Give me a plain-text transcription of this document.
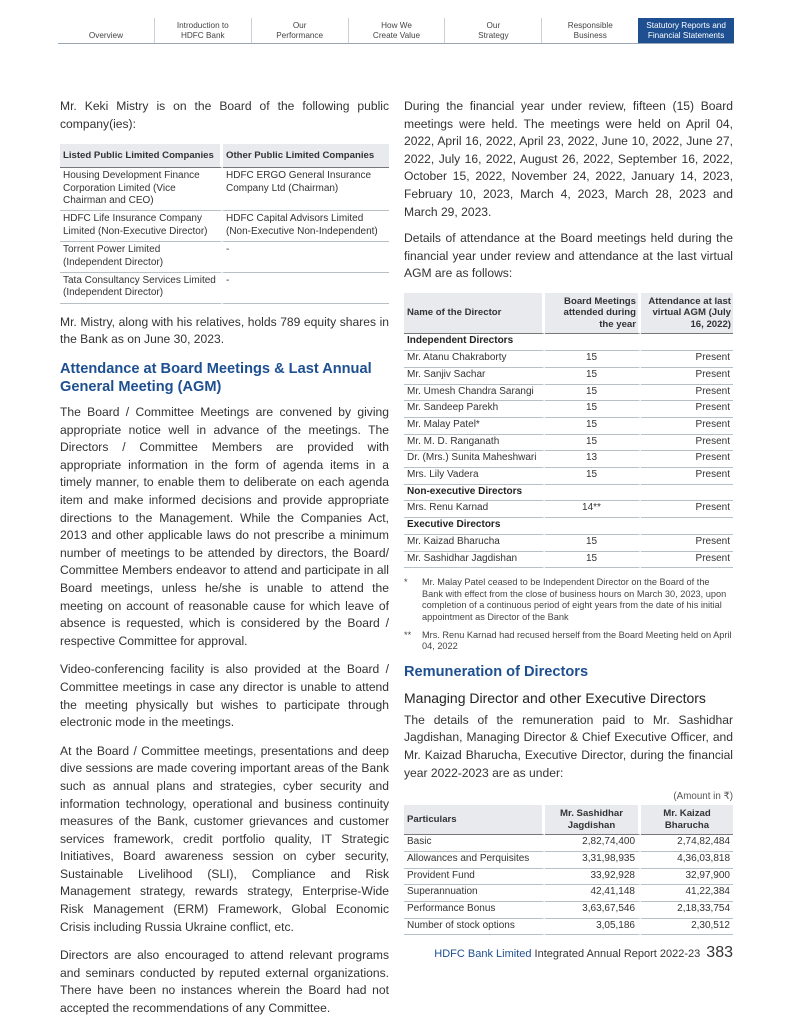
Overview
Introduction to
HDFC Bank
Our
Performance
How We
Create Value
Our
Strategy
Responsible
Business
Statutory Reports and
Financial Statements

Mr. Keki Mistry is on the Board of the following public company(ies):

Listed Public Limited Companies	Other Public Limited Companies
Housing Development Finance Corporation Limited (Vice Chairman and CEO)	HDFC ERGO General Insurance Company Ltd (Chairman)
HDFC Life Insurance Company Limited (Non-Executive Director)	HDFC Capital Advisors Limited (Non-Executive Non-Independent)
Torrent Power Limited (Independent Director)	-
Tata Consultancy Services Limited (Independent Director)	-

Mr. Mistry, along with his relatives, holds 789 equity shares in the Bank as on June 30, 2023.

Attendance at Board Meetings & Last Annual General Meeting (AGM)

The Board / Committee Meetings are convened by giving appropriate notice well in advance of the meetings. The Directors / Committee Members are provided with appropriate information in the form of agenda items in a timely manner, to enable them to deliberate on each agenda item and make informed decisions and provide appropriate directions to the Management. While the Companies Act, 2013 and other applicable laws do not prescribe a minimum number of meetings to be attended by directors, the Board/ Committee Members endeavor to attend and participate in all Board meetings, unless he/she is unable to attend the meeting on account of reasonable cause for which leave of absence is requested, which is considered by the Board / respective Committee for approval.

Video-conferencing facility is also provided at the Board / Committee meetings in case any director is unable to attend the meeting physically but wishes to participate through electronic mode in the meetings.

At the Board / Committee meetings, presentations and deep dive sessions are made covering important areas of the Bank such as annual plans and strategies, cyber security and information technology, operational and business continuity measures of the Bank, customer grievances and customer services framework, credit portfolio quality, IT Strategic Initiatives, Board awareness session on cyber security, Sustainable Livelihood (SLI), Compliance and Risk Management strategy, rewards strategy, Enterprise-Wide Risk Management (ERM) Framework, Global Economic Crisis including Russia Ukraine conflict, etc.

Directors are also encouraged to attend relevant programs and seminars conducted by reputed external organizations. There have been no instances wherein the Board had not accepted the recommendations of any Committee.

During the financial year under review, fifteen (15) Board meetings were held. The meetings were held on April 04, 2022, April 16, 2022, April 23, 2022, June 10, 2022, June 27, 2022, July 16, 2022, August 26, 2022, September 16, 2022, October 15, 2022, November 24, 2022, January 14, 2023, February 10, 2023, March 4, 2023, March 28, 2023 and March 29, 2023.

Details of attendance at the Board meetings held during the financial year under review and attendance at the last virtual AGM are as follows:

Name of the Director	Board Meetings attended during the year	Attendance at last virtual AGM (July 16, 2022)
Independent Directors		
Mr. Atanu Chakraborty	15	Present
Mr. Sanjiv Sachar	15	Present
Mr. Umesh Chandra Sarangi	15	Present
Mr. Sandeep Parekh	15	Present
Mr. Malay Patel*	15	Present
Mr. M. D. Ranganath	15	Present
Dr. (Mrs.) Sunita Maheshwari	13	Present
Mrs. Lily Vadera	15	Present
Non-executive Directors		
Mrs. Renu Karnad	14**	Present
Executive Directors		
Mr. Kaizad Bharucha	15	Present
Mr. Sashidhar Jagdishan	15	Present
*	Mr. Malay Patel ceased to be Independent Director on the Board of the Bank with effect from the close of business hours on March 30, 2023, upon completion of a continuous period of eight years from the date of his initial appointment as Director of the Bank
**	Mrs. Renu Karnad had recused herself from the Board Meeting held on April 04, 2022
Remuneration of Directors
Managing Director and other Executive Directors

The details of the remuneration paid to Mr. Sashidhar Jagdishan, Managing Director & Chief Executive Officer, and Mr. Kaizad Bharucha, Executive Director, during the financial year 2022-2023 are as under:

(Amount in ₹)
Particulars	Mr. Sashidhar Jagdishan	Mr. Kaizad Bharucha
Basic	2,82,74,400	2,74,82,484
Allowances and Perquisites	3,31,98,935	4,36,03,818
Provident Fund	33,92,928	32,97,900
Superannuation	42,41,148	41,22,384
Performance Bonus	3,63,67,546	2,18,33,754
Number of stock options	3,05,186	2,30,512
HDFC Bank Limited Integrated Annual Report 2022-23 383
